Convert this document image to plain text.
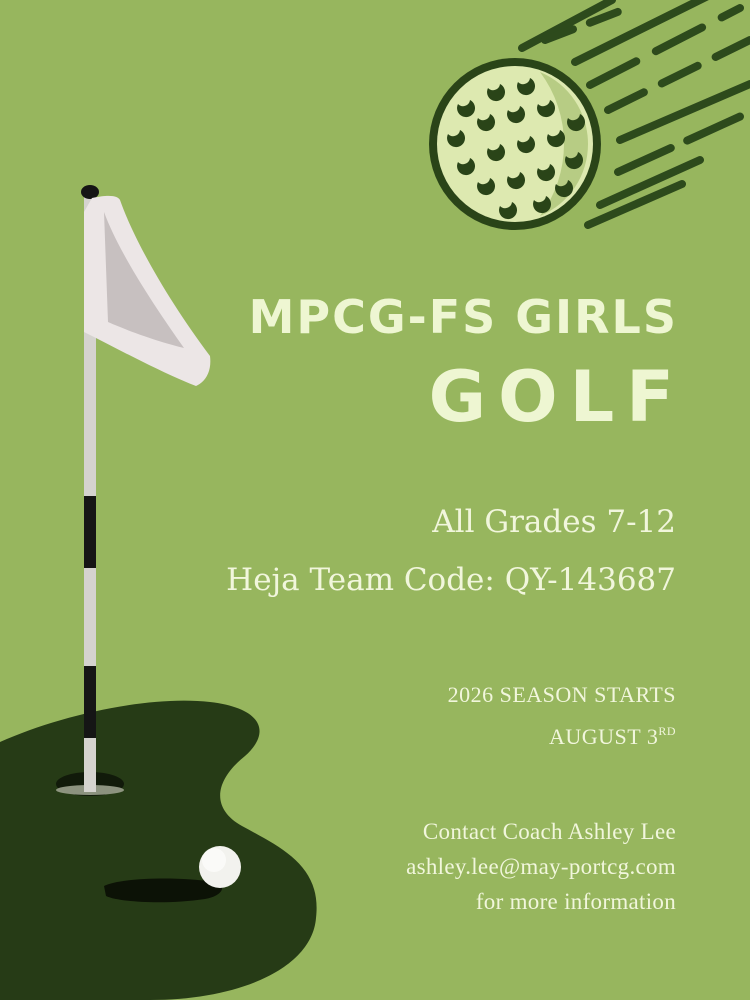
MPCG-FS GIRLS
GOLF
All Grades 7-12
Heja Team Code: QY-143687
2026 SEASON STARTS
AUGUST 3RD
Contact Coach Ashley Lee
ashley.lee@may-portcg.com
for more information
